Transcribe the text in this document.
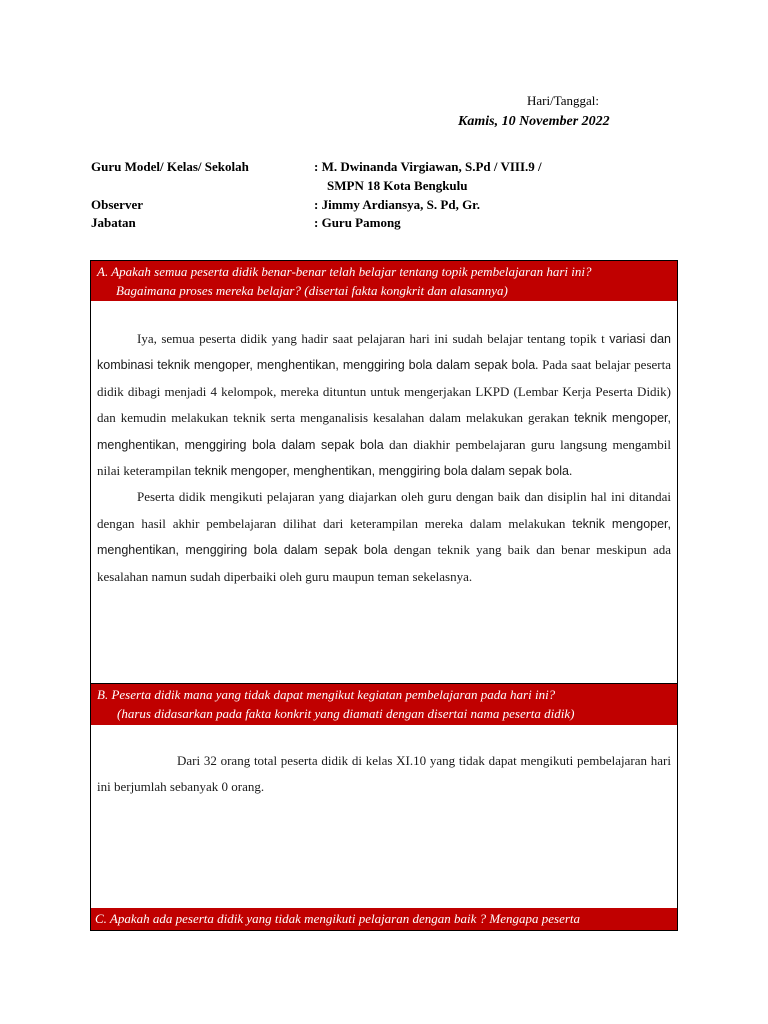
Hari/Tanggal:
Kamis, 10 November 2022
Guru Model/ Kelas/ Sekolah	: M. Dwinanda Virgiawan, S.Pd / VIII.9 /
SMPN 18 Kota Bengkulu
Observer	: Jimmy Ardiansya, S. Pd, Gr.
Jabatan	: Guru Pamong
A. Apakah semua peserta didik benar-benar telah belajar tentang topik pembelajaran hari ini?
Bagaimana proses mereka belajar? (disertai fakta kongkrit dan alasannya)

Iya, semua peserta didik yang hadir saat pelajaran hari ini sudah belajar tentang topik t variasi dan kombinasi teknik mengoper, menghentikan, menggiring bola dalam sepak bola. Pada saat belajar peserta didik dibagi menjadi 4 kelompok, mereka dituntun untuk mengerjakan LKPD (Lembar Kerja Peserta Didik) dan kemudin melakukan teknik serta menganalisis kesalahan dalam melakukan gerakan teknik mengoper, menghentikan, menggiring bola dalam sepak bola dan diakhir pembelajaran guru langsung mengambil nilai keterampilan teknik mengoper, menghentikan, menggiring bola dalam sepak bola.

Peserta didik mengikuti pelajaran yang diajarkan oleh guru dengan baik dan disiplin hal ini ditandai dengan hasil akhir pembelajaran dilihat dari keterampilan mereka dalam melakukan teknik mengoper, menghentikan, menggiring bola dalam sepak bola dengan teknik yang baik dan benar meskipun ada kesalahan namun sudah diperbaiki oleh guru maupun teman sekelasnya.

B. Peserta didik mana yang tidak dapat mengikut kegiatan pembelajaran pada hari ini?
(harus didasarkan pada fakta konkrit yang diamati dengan disertai nama peserta didik)

Dari 32 orang total peserta didik di kelas XI.10 yang tidak dapat mengikuti pembelajaran hari ini berjumlah sebanyak 0 orang.

C. Apakah ada peserta didik yang tidak mengikuti pelajaran dengan baik ? Mengapa peserta
